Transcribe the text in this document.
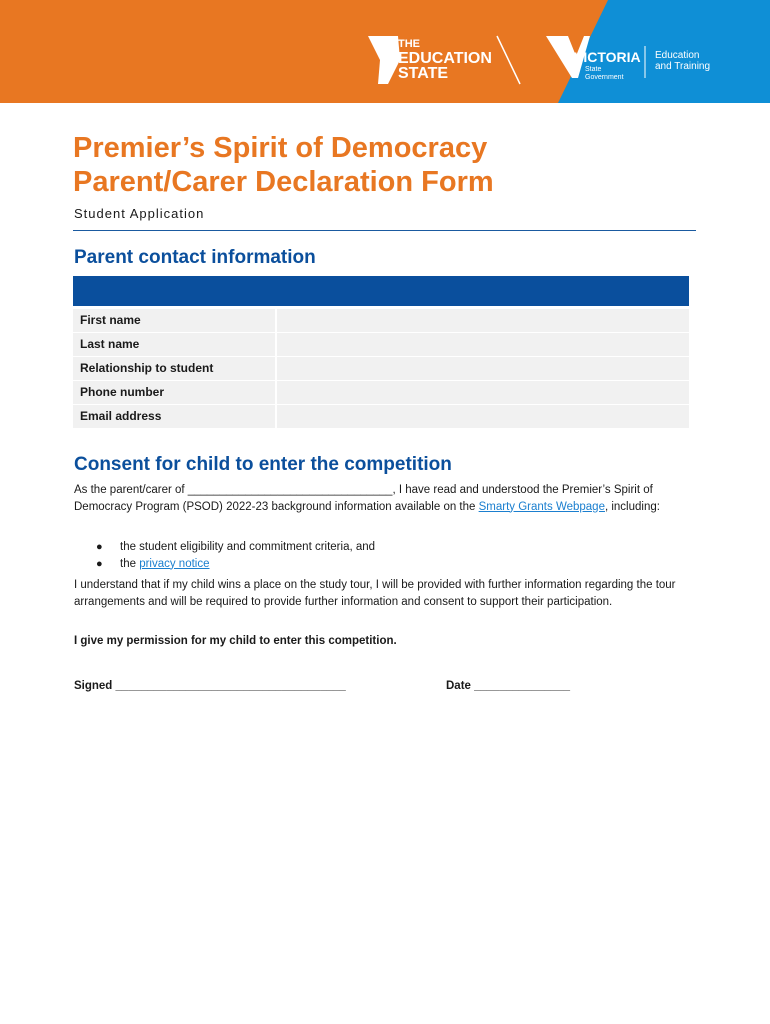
THE
EDUCATION
STATE
VICTORIA
State
Government
Education
and Training
Premier’s Spirit of Democracy
Parent/Carer Declaration Form

Student Application

Parent contact information
First name
Last name
Relationship to student
Phone number
Email address
Consent for child to enter the competition

As the parent/carer of ________________________________, I have read and understood the Premier’s Spirit of Democracy Program (PSOD) 2022-23 background information available on the Smarty Grants Webpage, including:

● the student eligibility and commitment criteria, and
● the privacy notice

I understand that if my child wins a place on the study tour, I will be provided with further information regarding the tour arrangements and will be required to provide further information and consent to support their participation.

I give my permission for my child to enter this competition.

Signed ____________________________________	Date _______________
